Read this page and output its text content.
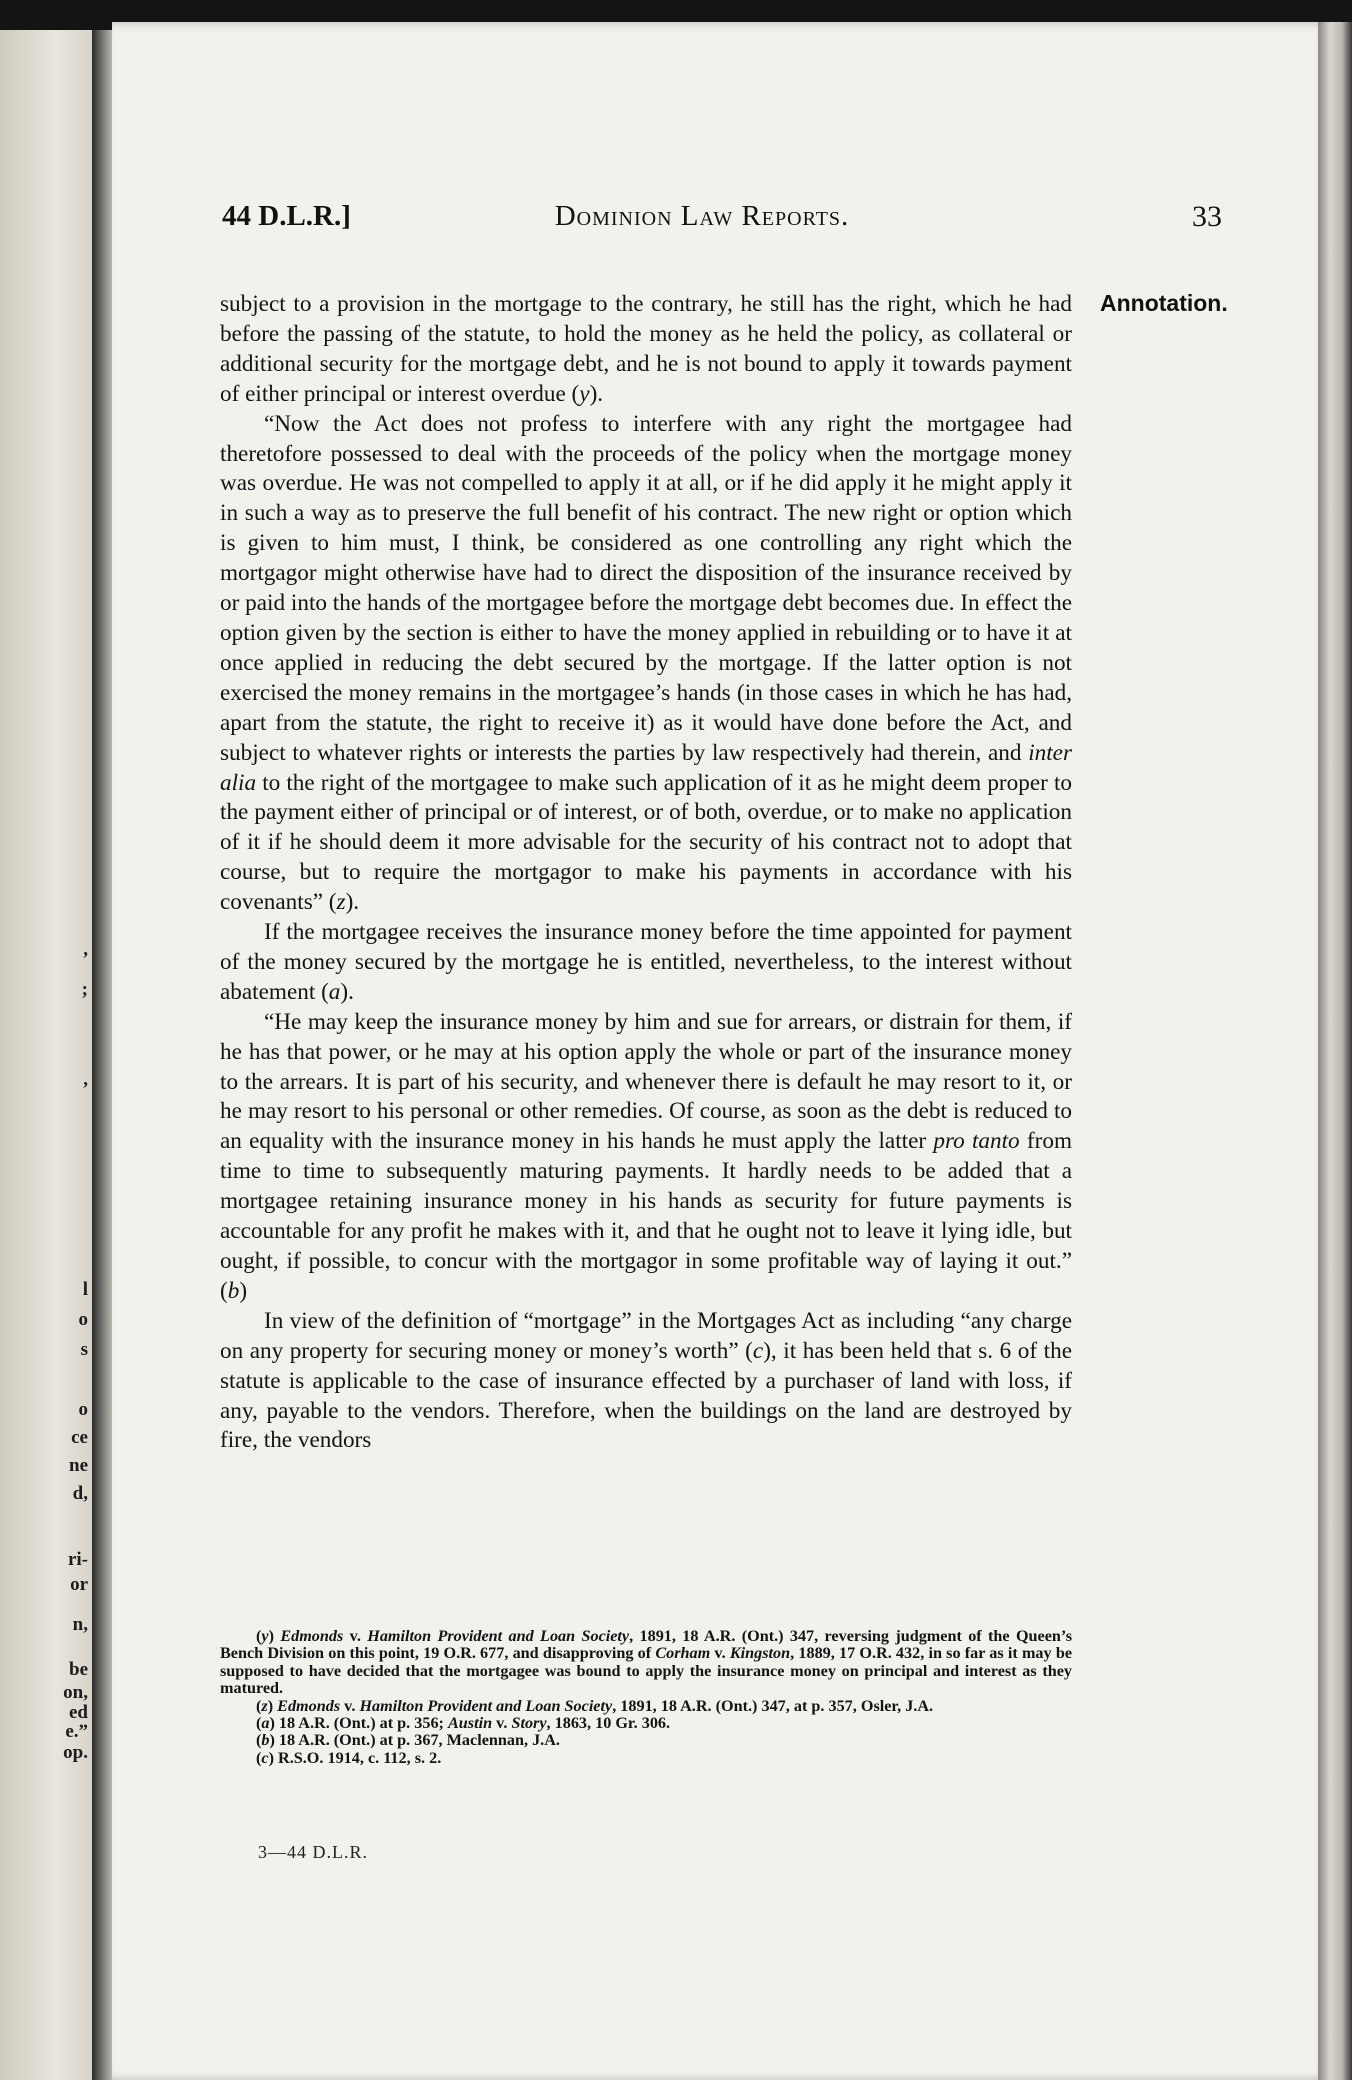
,
;
,
l
o
s
o
ce
ne
d,
ri-
or
n,
be
on,
ed
e.”
op.
44 D.L.R.]	Dominion Law Reports.	33
Annotation.

subject to a provision in the mortgage to the contrary, he still has the right, which he had before the passing of the statute, to hold the money as he held the policy, as collateral or additional security for the mortgage debt, and he is not bound to apply it towards payment of either principal or interest overdue (y).

“Now the Act does not profess to interfere with any right the mortgagee had theretofore possessed to deal with the proceeds of the policy when the mortgage money was overdue. He was not compelled to apply it at all, or if he did apply it he might apply it in such a way as to preserve the full benefit of his contract. The new right or option which is given to him must, I think, be considered as one controlling any right which the mortgagor might otherwise have had to direct the disposition of the insurance received by or paid into the hands of the mortgagee before the mortgage debt becomes due. In effect the option given by the section is either to have the money applied in rebuilding or to have it at once applied in reducing the debt secured by the mortgage. If the latter option is not exercised the money remains in the mortgagee’s hands (in those cases in which he has had, apart from the statute, the right to receive it) as it would have done before the Act, and subject to whatever rights or interests the parties by law respectively had therein, and inter alia to the right of the mortgagee to make such application of it as he might deem proper to the payment either of principal or of interest, or of both, overdue, or to make no application of it if he should deem it more advisable for the security of his contract not to adopt that course, but to require the mortgagor to make his payments in accordance with his covenants” (z).

If the mortgagee receives the insurance money before the time appointed for payment of the money secured by the mortgage he is entitled, nevertheless, to the interest without abatement (a).

“He may keep the insurance money by him and sue for arrears, or distrain for them, if he has that power, or he may at his option apply the whole or part of the insurance money to the arrears. It is part of his security, and whenever there is default he may resort to it, or he may resort to his personal or other remedies. Of course, as soon as the debt is reduced to an equality with the insurance money in his hands he must apply the latter pro tanto from time to time to subsequently maturing payments. It hardly needs to be added that a mortgagee retaining insurance money in his hands as security for future payments is accountable for any profit he makes with it, and that he ought not to leave it lying idle, but ought, if possible, to concur with the mortgagor in some profitable way of laying it out.” (b)

In view of the definition of “mortgage” in the Mortgages Act as including “any charge on any property for securing money or money’s worth” (c), it has been held that s. 6 of the statute is applicable to the case of insurance effected by a purchaser of land with loss, if any, payable to the vendors. Therefore, when the buildings on the land are destroyed by fire, the vendors

(y) Edmonds v. Hamilton Provident and Loan Society, 1891, 18 A.R. (Ont.) 347, reversing judgment of the Queen’s Bench Division on this point, 19 O.R. 677, and disapproving of Corham v. Kingston, 1889, 17 O.R. 432, in so far as it may be supposed to have decided that the mortgagee was bound to apply the insurance money on principal and interest as they matured.

(z) Edmonds v. Hamilton Provident and Loan Society, 1891, 18 A.R. (Ont.) 347, at p. 357, Osler, J.A.

(a) 18 A.R. (Ont.) at p. 356; Austin v. Story, 1863, 10 Gr. 306.

(b) 18 A.R. (Ont.) at p. 367, Maclennan, J.A.

(c) R.S.O. 1914, c. 112, s. 2.

3—44 D.L.R.
